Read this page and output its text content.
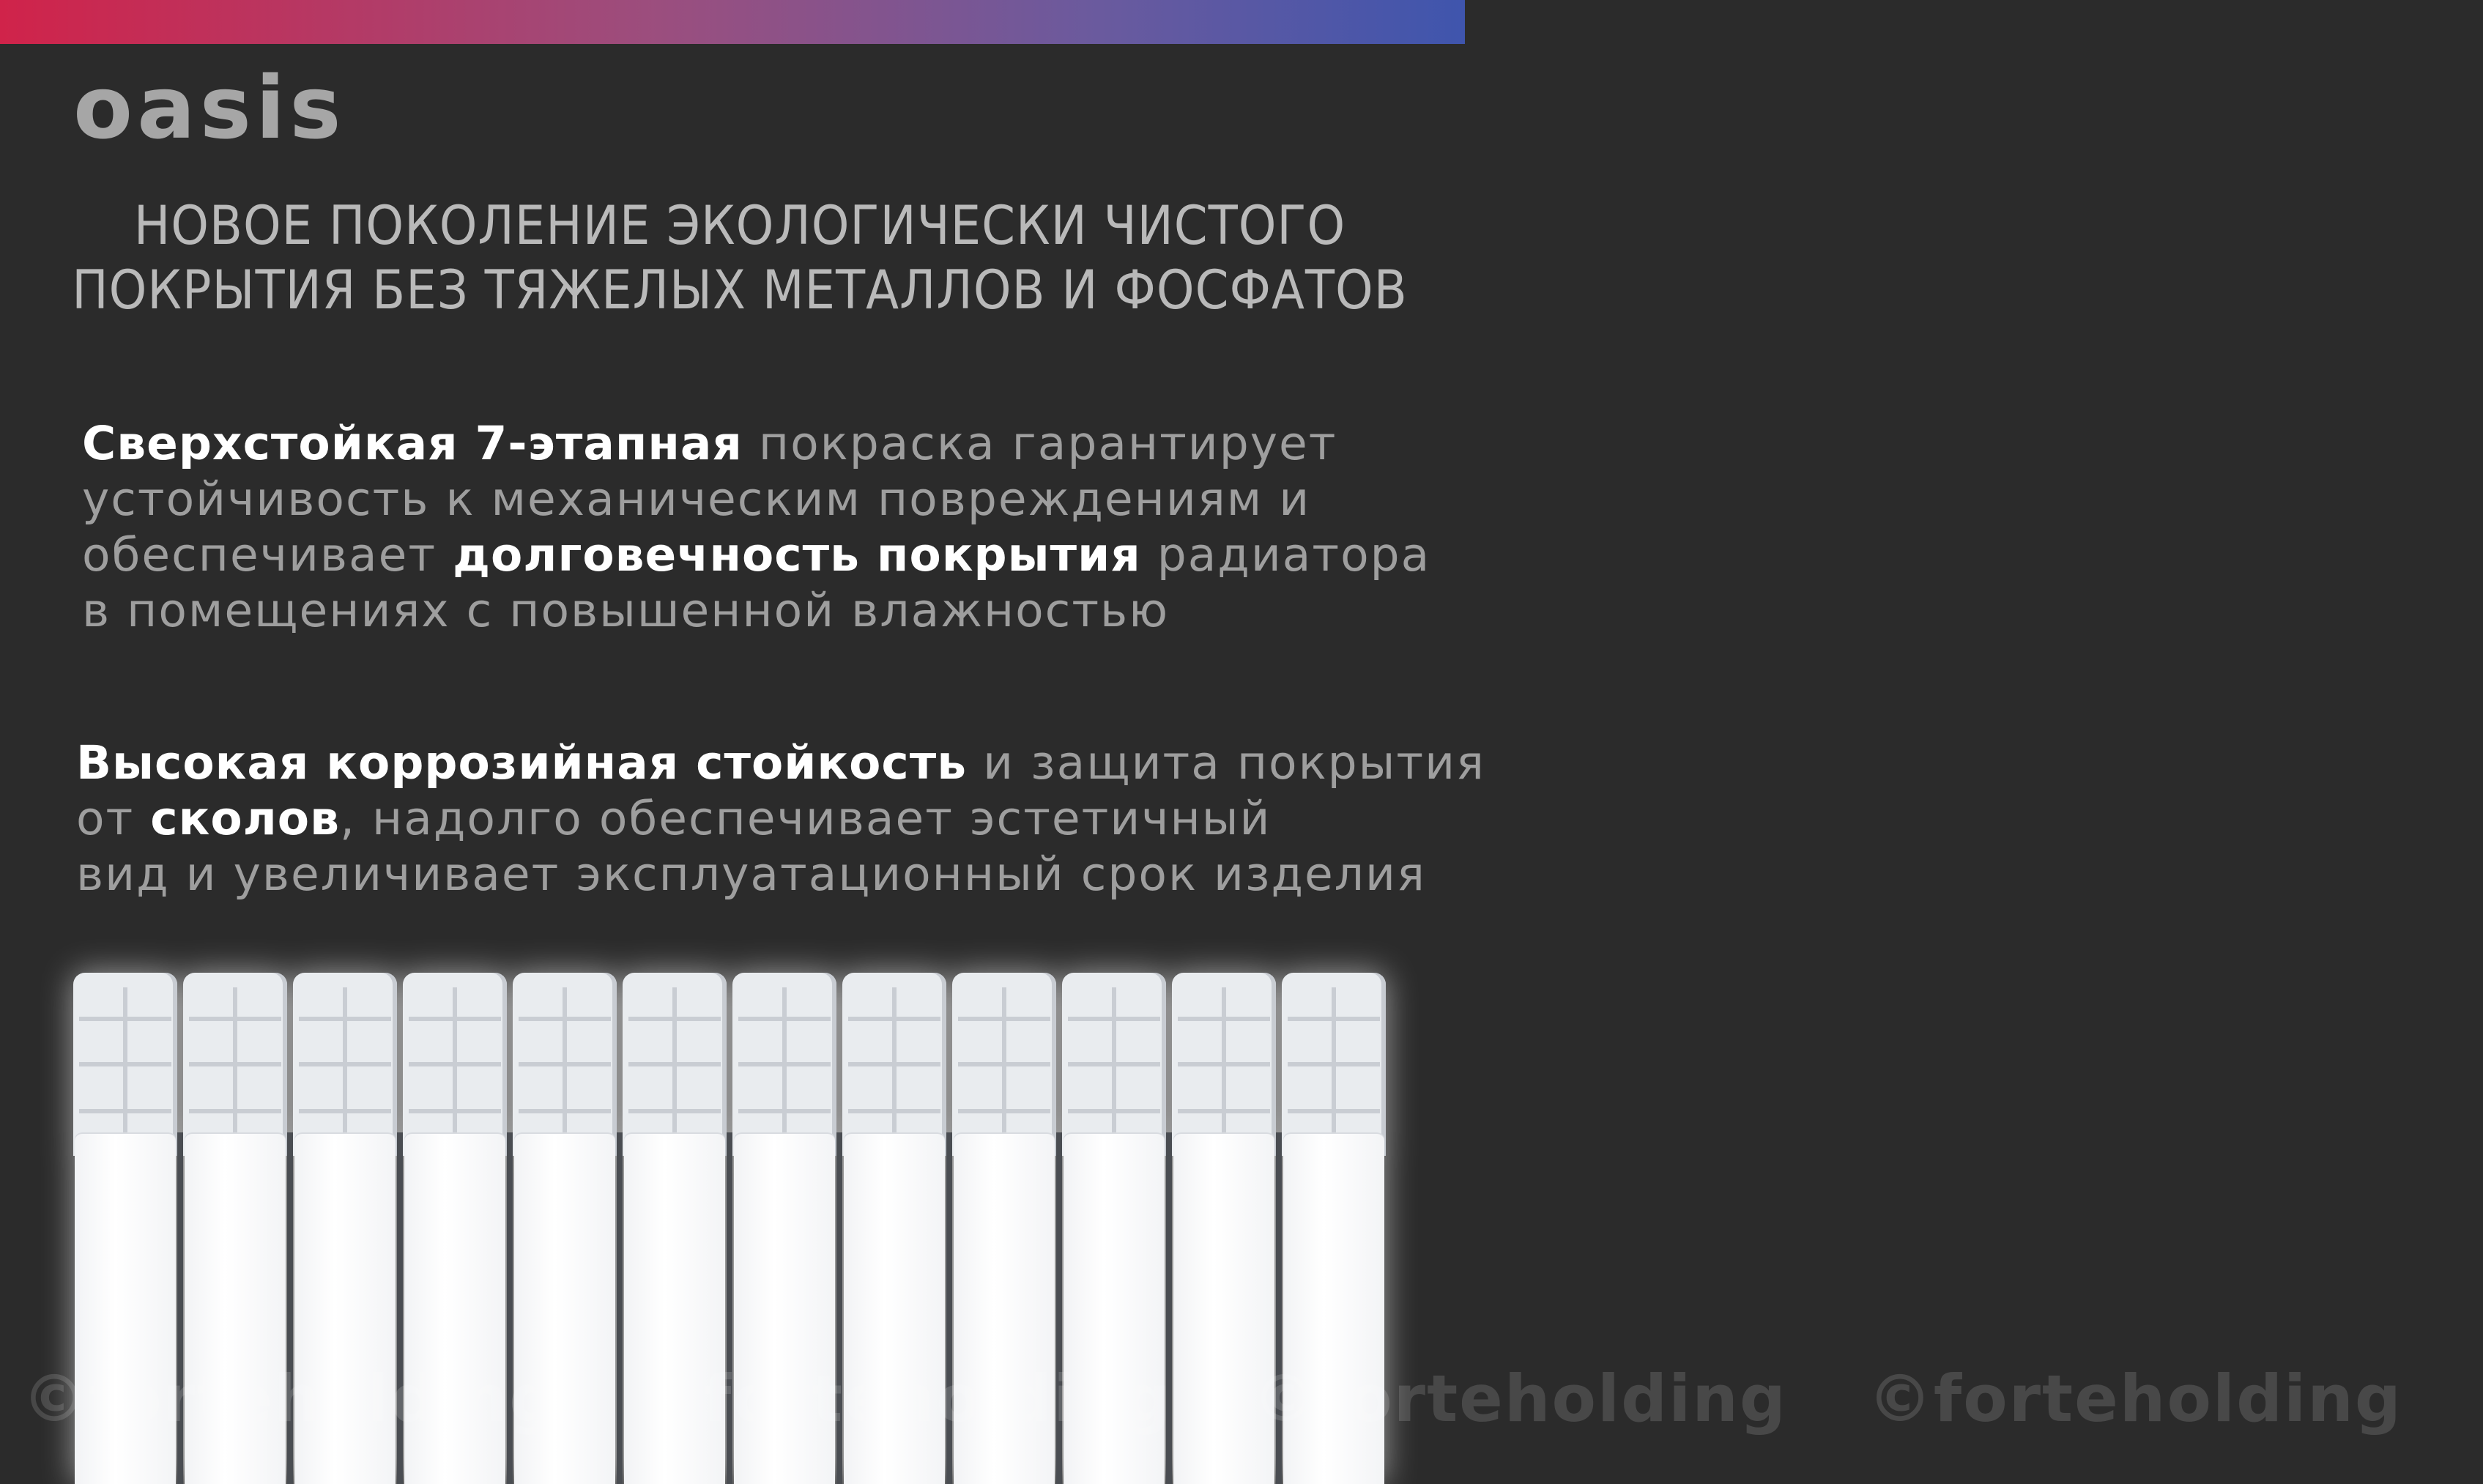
oasis
НОВОЕ ПОКОЛЕНИЕ ЭКОЛОГИЧЕСКИ ЧИСТОГО
ПОКРЫТИЯ БЕЗ ТЯЖЕЛЫХ МЕТАЛЛОВ И ФОСФАТОВ
Сверхстойкая 7-этапная покраска гарантирует
устойчивость к механическим повреждениям и
обеспечивает долговечность покрытия радиатора
в помещениях с повышенной влажностью
Высокая коррозийная стойкость и защита покрытия
от сколов, надолго обеспечивает эстетичный
вид и увеличивает эксплуатационный срок изделия
©forteholding ©forteholding ©forteholding ©forteholding
